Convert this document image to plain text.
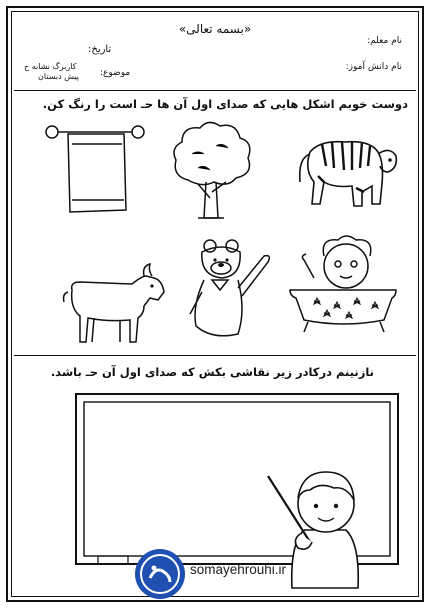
«بسمه تعالی»
نام معلم:
نام دانش آموز:
تاریخ:
موضوع:
کاربرگ نشانه ح
پیش دبستان
دوست خوبم اشکل هایی که صدای اول آن ها حـ است را رنگ کن.
نازنینم درکادر زیر نقاشی بکش که صدای اول آن حـ باشد.
somayehrouhi.ir
